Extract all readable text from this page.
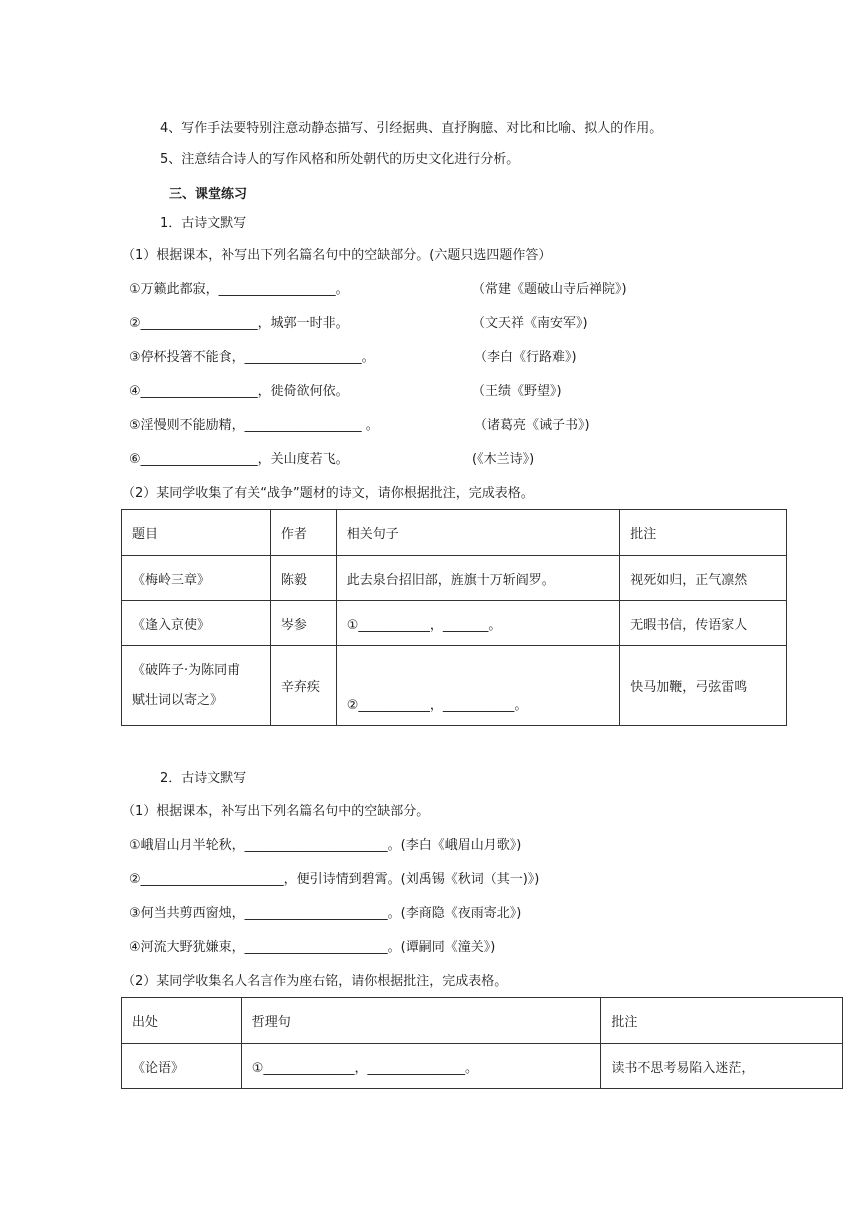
4、写作手法要特别注意动静态描写、引经据典、直抒胸臆、对比和比喻、拟人的作用。
5、注意结合诗人的写作风格和所处朝代的历史文化进行分析。
三、课堂练习
1．古诗文默写
（1）根据课本，补写出下列名篇名句中的空缺部分。(六题只选四题作答）
①万籁此都寂，__________________。	（常建《题破山寺后禅院》)
②__________________，城郭一时非。	（文天祥《南安军》)
③停杯投箸不能食，__________________。	（李白《行路难》)
④__________________，徙倚欲何依。	（王绩《野望》)
⑤淫慢则不能励精，__________________ 。	（诸葛亮《诫子书》)
⑥__________________，关山度若飞。	(《木兰诗》)
（2）某同学收集了有关“战争”题材的诗文，请你根据批注，完成表格。
题目	作者	相关句子	批注
《梅岭三章》	陈毅	此去泉台招旧部，旌旗十万斩阎罗。	视死如归，正气凛然
《逢入京使》	岑参	①___________，_______。	无暇书信，传语家人
《破阵子·为陈同甫
赋壮词以寄之》	辛弃疾	②___________，___________。	快马加鞭，弓弦雷鸣
2．古诗文默写
（1）根据课本，补写出下列名篇名句中的空缺部分。
①峨眉山月半轮秋，______________________。(李白《峨眉山月歌》)
②______________________，便引诗情到碧霄。(刘禹锡《秋词（其一)》)
③何当共剪西窗烛，______________________。(李商隐《夜雨寄北》)
④河流大野犹嫌束，______________________。(谭嗣同《潼关》)
（2）某同学收集名人名言作为座右铭，请你根据批注，完成表格。
出处	哲理句	批注
《论语》	①______________，_______________。	读书不思考易陷入迷茫，
